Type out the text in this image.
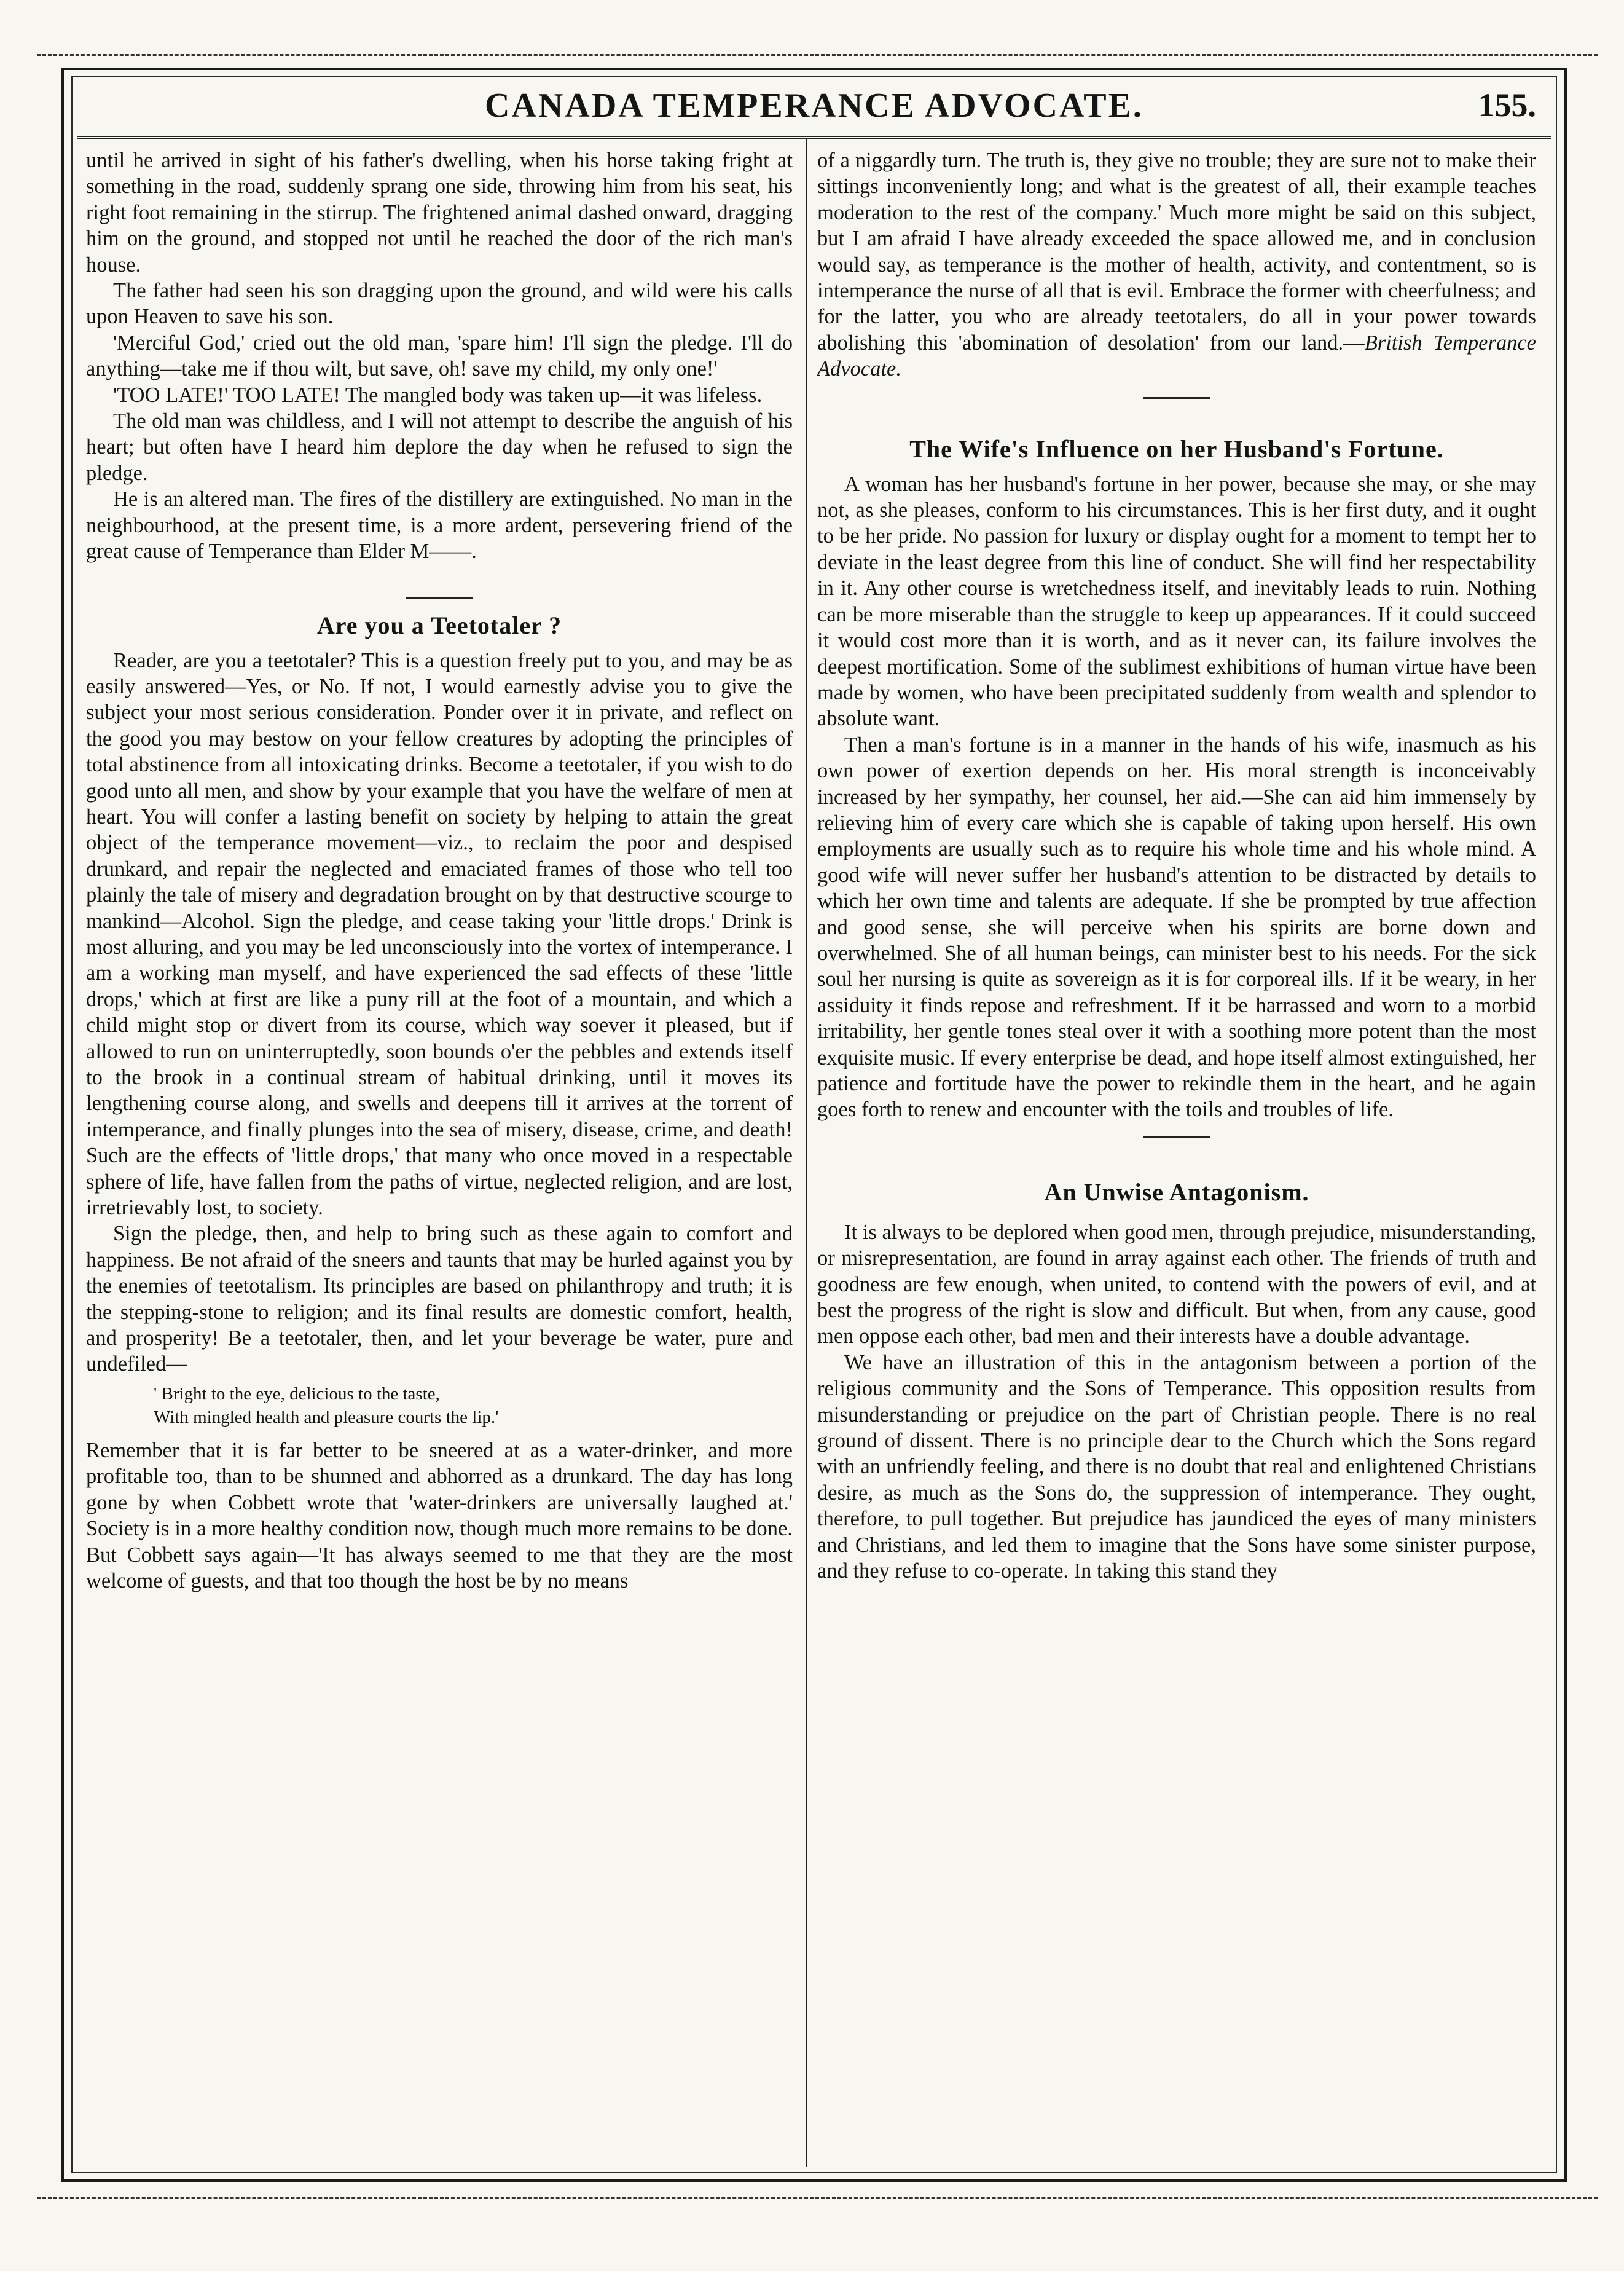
CANADA TEMPERANCE ADVOCATE.	155.

until he arrived in sight of his father's dwelling, when his horse taking fright at something in the road, suddenly sprang one side, throwing him from his seat, his right foot remaining in the stirrup. The frightened animal dashed onward, dragging him on the ground, and stopped not until he reached the door of the rich man's house.

The father had seen his son dragging upon the ground, and wild were his calls upon Heaven to save his son.

'Merciful God,' cried out the old man, 'spare him! I'll sign the pledge. I'll do anything—take me if thou wilt, but save, oh! save my child, my only one!'

'TOO LATE!' TOO LATE! The mangled body was taken up—it was lifeless.

The old man was childless, and I will not attempt to describe the anguish of his heart; but often have I heard him deplore the day when he refused to sign the pledge.

He is an altered man. The fires of the distillery are extinguished. No man in the neighbourhood, at the present time, is a more ardent, persevering friend of the great cause of Temperance than Elder M——.

Are you a Teetotaler ?

Reader, are you a teetotaler? This is a question freely put to you, and may be as easily answered—Yes, or No. If not, I would earnestly advise you to give the subject your most serious consideration. Ponder over it in private, and reflect on the good you may bestow on your fellow creatures by adopting the principles of total abstinence from all intoxicating drinks. Become a teetotaler, if you wish to do good unto all men, and show by your example that you have the welfare of men at heart. You will confer a lasting benefit on society by helping to attain the great object of the temperance movement—viz., to reclaim the poor and despised drunkard, and repair the neglected and emaciated frames of those who tell too plainly the tale of misery and degradation brought on by that destructive scourge to mankind—Alcohol. Sign the pledge, and cease taking your 'little drops.' Drink is most alluring, and you may be led unconsciously into the vortex of intemperance. I am a working man myself, and have experienced the sad effects of these 'little drops,' which at first are like a puny rill at the foot of a mountain, and which a child might stop or divert from its course, which way soever it pleased, but if allowed to run on uninterruptedly, soon bounds o'er the pebbles and extends itself to the brook in a continual stream of habitual drinking, until it moves its lengthening course along, and swells and deepens till it arrives at the torrent of intemperance, and finally plunges into the sea of misery, disease, crime, and death! Such are the effects of 'little drops,' that many who once moved in a respectable sphere of life, have fallen from the paths of virtue, neglected religion, and are lost, irretrievably lost, to society.

Sign the pledge, then, and help to bring such as these again to comfort and happiness. Be not afraid of the sneers and taunts that may be hurled against you by the enemies of teetotalism. Its principles are based on philanthropy and truth; it is the stepping-stone to religion; and its final results are domestic comfort, health, and prosperity! Be a teetotaler, then, and let your beverage be water, pure and undefiled—

' Bright to the eye, delicious to the taste,
With mingled health and pleasure courts the lip.'

Remember that it is far better to be sneered at as a water-drinker, and more profitable too, than to be shunned and abhorred as a drunkard. The day has long gone by when Cobbett wrote that 'water-drinkers are universally laughed at.' Society is in a more healthy condition now, though much more remains to be done. But Cobbett says again—'It has always seemed to me that they are the most welcome of guests, and that too though the host be by no means

of a niggardly turn. The truth is, they give no trouble; they are sure not to make their sittings inconveniently long; and what is the greatest of all, their example teaches moderation to the rest of the company.' Much more might be said on this subject, but I am afraid I have already exceeded the space allowed me, and in conclusion would say, as temperance is the mother of health, activity, and contentment, so is intemperance the nurse of all that is evil. Embrace the former with cheerfulness; and for the latter, you who are already teetotalers, do all in your power towards abolishing this 'abomination of desolation' from our land.—British Temperance Advocate.

The Wife's Influence on her Husband's Fortune.

A woman has her husband's fortune in her power, because she may, or she may not, as she pleases, conform to his circumstances. This is her first duty, and it ought to be her pride. No passion for luxury or display ought for a moment to tempt her to deviate in the least degree from this line of conduct. She will find her respectability in it. Any other course is wretchedness itself, and inevitably leads to ruin. Nothing can be more miserable than the struggle to keep up appearances. If it could succeed it would cost more than it is worth, and as it never can, its failure involves the deepest mortification. Some of the sublimest exhibitions of human virtue have been made by women, who have been precipitated suddenly from wealth and splendor to absolute want.

Then a man's fortune is in a manner in the hands of his wife, inasmuch as his own power of exertion depends on her. His moral strength is inconceivably increased by her sympathy, her counsel, her aid.—She can aid him immensely by relieving him of every care which she is capable of taking upon herself. His own employments are usually such as to require his whole time and his whole mind. A good wife will never suffer her husband's attention to be distracted by details to which her own time and talents are adequate. If she be prompted by true affection and good sense, she will perceive when his spirits are borne down and overwhelmed. She of all human beings, can minister best to his needs. For the sick soul her nursing is quite as sovereign as it is for corporeal ills. If it be weary, in her assiduity it finds repose and refreshment. If it be harrassed and worn to a morbid irritability, her gentle tones steal over it with a soothing more potent than the most exquisite music. If every enterprise be dead, and hope itself almost extinguished, her patience and fortitude have the power to rekindle them in the heart, and he again goes forth to renew and encounter with the toils and troubles of life.

An Unwise Antagonism.

It is always to be deplored when good men, through prejudice, misunderstanding, or misrepresentation, are found in array against each other. The friends of truth and goodness are few enough, when united, to contend with the powers of evil, and at best the progress of the right is slow and difficult. But when, from any cause, good men oppose each other, bad men and their interests have a double advantage.

We have an illustration of this in the antagonism between a portion of the religious community and the Sons of Temperance. This opposition results from misunderstanding or prejudice on the part of Christian people. There is no real ground of dissent. There is no principle dear to the Church which the Sons regard with an unfriendly feeling, and there is no doubt that real and enlightened Christians desire, as much as the Sons do, the suppression of intemperance. They ought, therefore, to pull together. But prejudice has jaundiced the eyes of many ministers and Christians, and led them to imagine that the Sons have some sinister purpose, and they refuse to co-operate. In taking this stand they
